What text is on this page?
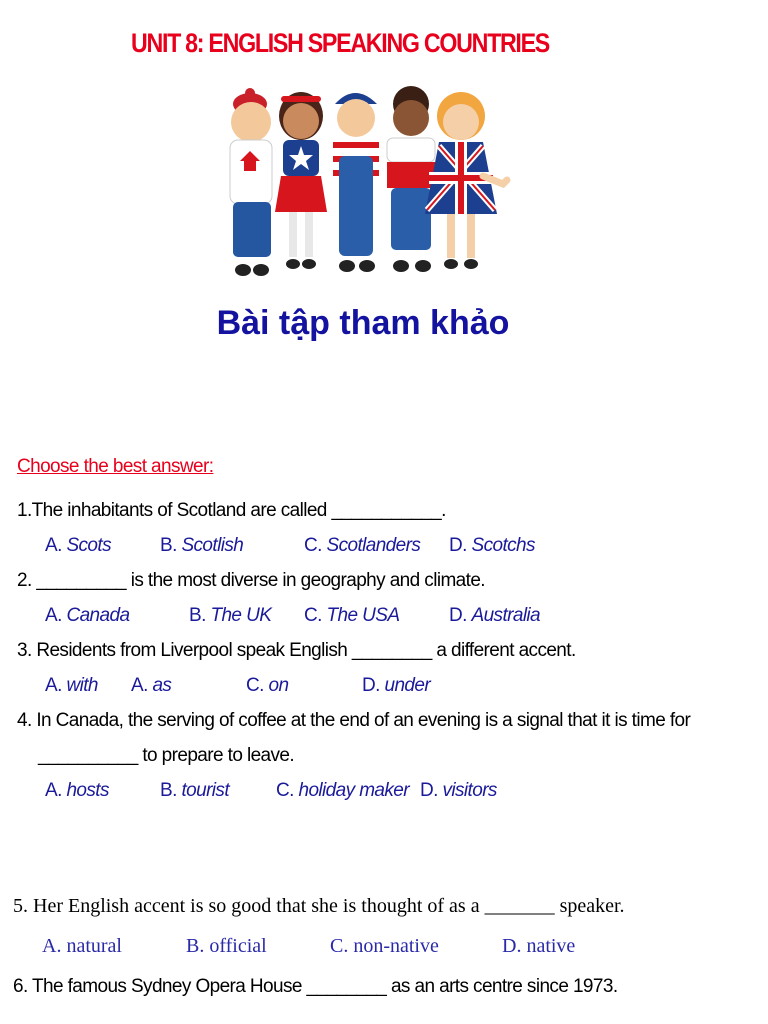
UNIT 8: ENGLISH SPEAKING COUNTRIES
Bài tập tham khảo
Choose the best answer:
1.The inhabitants of Scotland are called ___________.
A. Scots	B. Scotlish	C. Scotlanders D. Scotchs
2. _________ is the most diverse in geography and climate.
A. Canada	B. The UK C. The USA	D. Australia
3. Residents from Liverpool speak English ________ a different accent.
A. with A. as	C. on	D. under
4. In Canada, the serving of coffee at the end of an evening is a signal that it is time for
__________ to prepare to leave.
A. hosts	B. tourist C. holiday maker D. visitors
5. Her English accent is so good that she is thought of as a _______ speaker.
A. natural	B. official	C. non-native	D. native
6. The famous Sydney Opera House ________ as an arts centre since 1973.
